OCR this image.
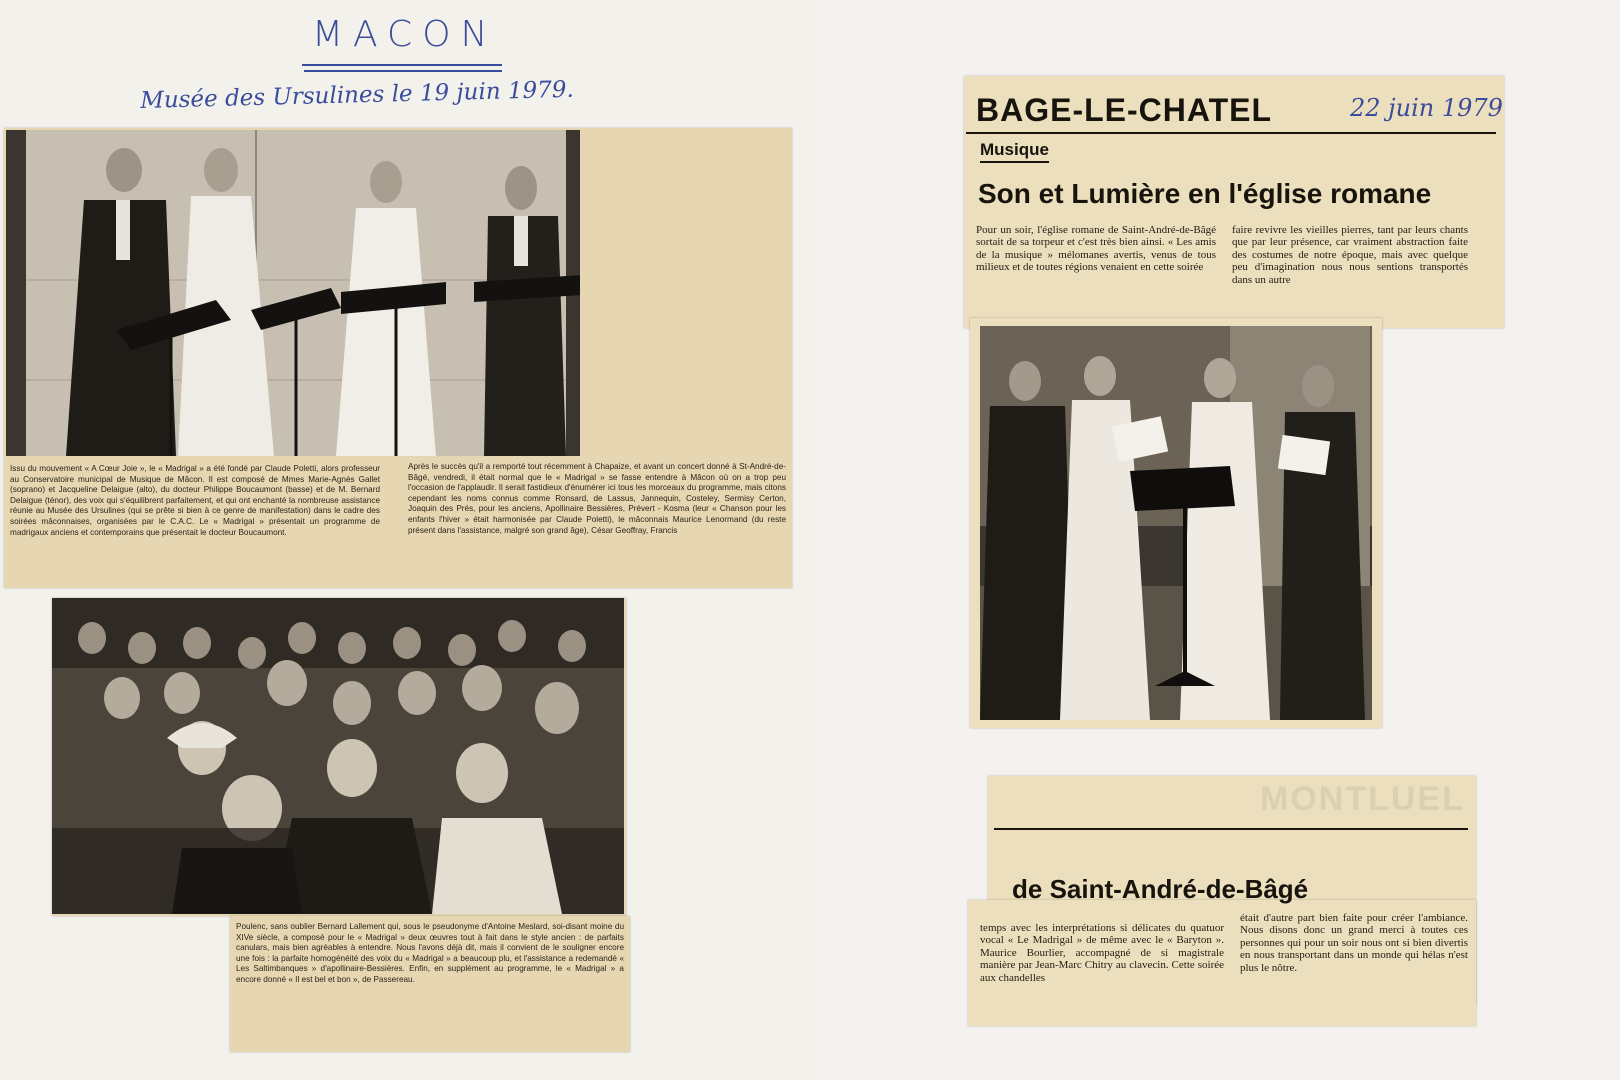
MACON
Musée des Ursulines le 19 juin 1979.
Issu du mouvement « A Cœur Joie », le « Madrigal » a été fondé par Claude Poletti, alors professeur au Conservatoire municipal de Musique de Mâcon. Il est composé de Mmes Marie-Agnès Gallet (soprano) et Jacqueline Delaigue (alto), du docteur Philippe Boucaumont (basse) et de M. Bernard Delaigue (ténor), des voix qui s'équilibrent parfaitement, et qui ont enchanté la nombreuse assistance réunie au Musée des Ursulines (qui se prête si bien à ce genre de manifestation) dans le cadre des soirées mâconnaises, organisées par le C.A.C. Le « Madrigal » présentait un programme de madrigaux anciens et contemporains que présentait le docteur Boucaumont.
Après le succès qu'il a remporté tout récemment à Chapaize, et avant un concert donné à St-André-de-Bâgé, vendredi, il était normal que le « Madrigal » se fasse entendre à Mâcon où on a trop peu l'occasion de l'applaudir. Il serait fastidieux d'énumérer ici tous les morceaux du programme, mais citons cependant les noms connus comme Ronsard, de Lassus, Jannequin, Costeley, Sermisy Certon, Joaquin des Prés, pour les anciens, Apollinaire Bessières, Prévert - Kosma (leur « Chanson pour les enfants l'hiver » était harmonisée par Claude Poletti), le mâconnais Maurice Lenormand (du reste présent dans l'assistance, malgré son grand âge), César Geoffray, Francis
Poulenc, sans oublier Bernard Lallement qui, sous le pseudonyme d'Antoine Meslard, soi-disant moine du XIVe siècle, a composé pour le « Madrigal » deux œuvres tout à fait dans le style ancien : de parfaits canulars, mais bien agréables à entendre. Nous l'avons déjà dit, mais il convient de le souligner encore une fois : la parfaite homogénéité des voix du « Madrigal » a beaucoup plu, et l'assistance a redemandé « Les Saltimbanques » d'apollinaire-Bessières. Enfin, en supplément au programme, le « Madrigal » a encore donné « Il est bel et bon », de Passereau.
BAGE-LE-CHATEL	22 juin 1979
Musique
Son et Lumière en l'église romane
Pour un soir, l'église romane de Saint-André-de-Bâgé sortait de sa torpeur et c'est très bien ainsi. « Les amis de la musique » mélomanes avertis, venus de tous milieux et de toutes régions venaient en cette soirée
faire revivre les vieilles pierres, tant par leurs chants que par leur présence, car vraiment abstraction faite des costumes de notre époque, mais avec quelque peu d'imagination nous nous sentions transportés dans un autre
MONTLUEL
de Saint-André-de-Bâgé
temps avec les interprétations si délicates du quatuor vocal « Le Madrigal » de même avec le « Baryton ». Maurice Bourlier, accompagné de si magistrale manière par Jean-Marc Chitry au clavecin. Cette soirée aux chandelles
était d'autre part bien faite pour créer l'ambiance. Nous disons donc un grand merci à toutes ces personnes qui pour un soir nous ont si bien divertis en nous transportant dans un monde qui hélas n'est plus le nôtre.
